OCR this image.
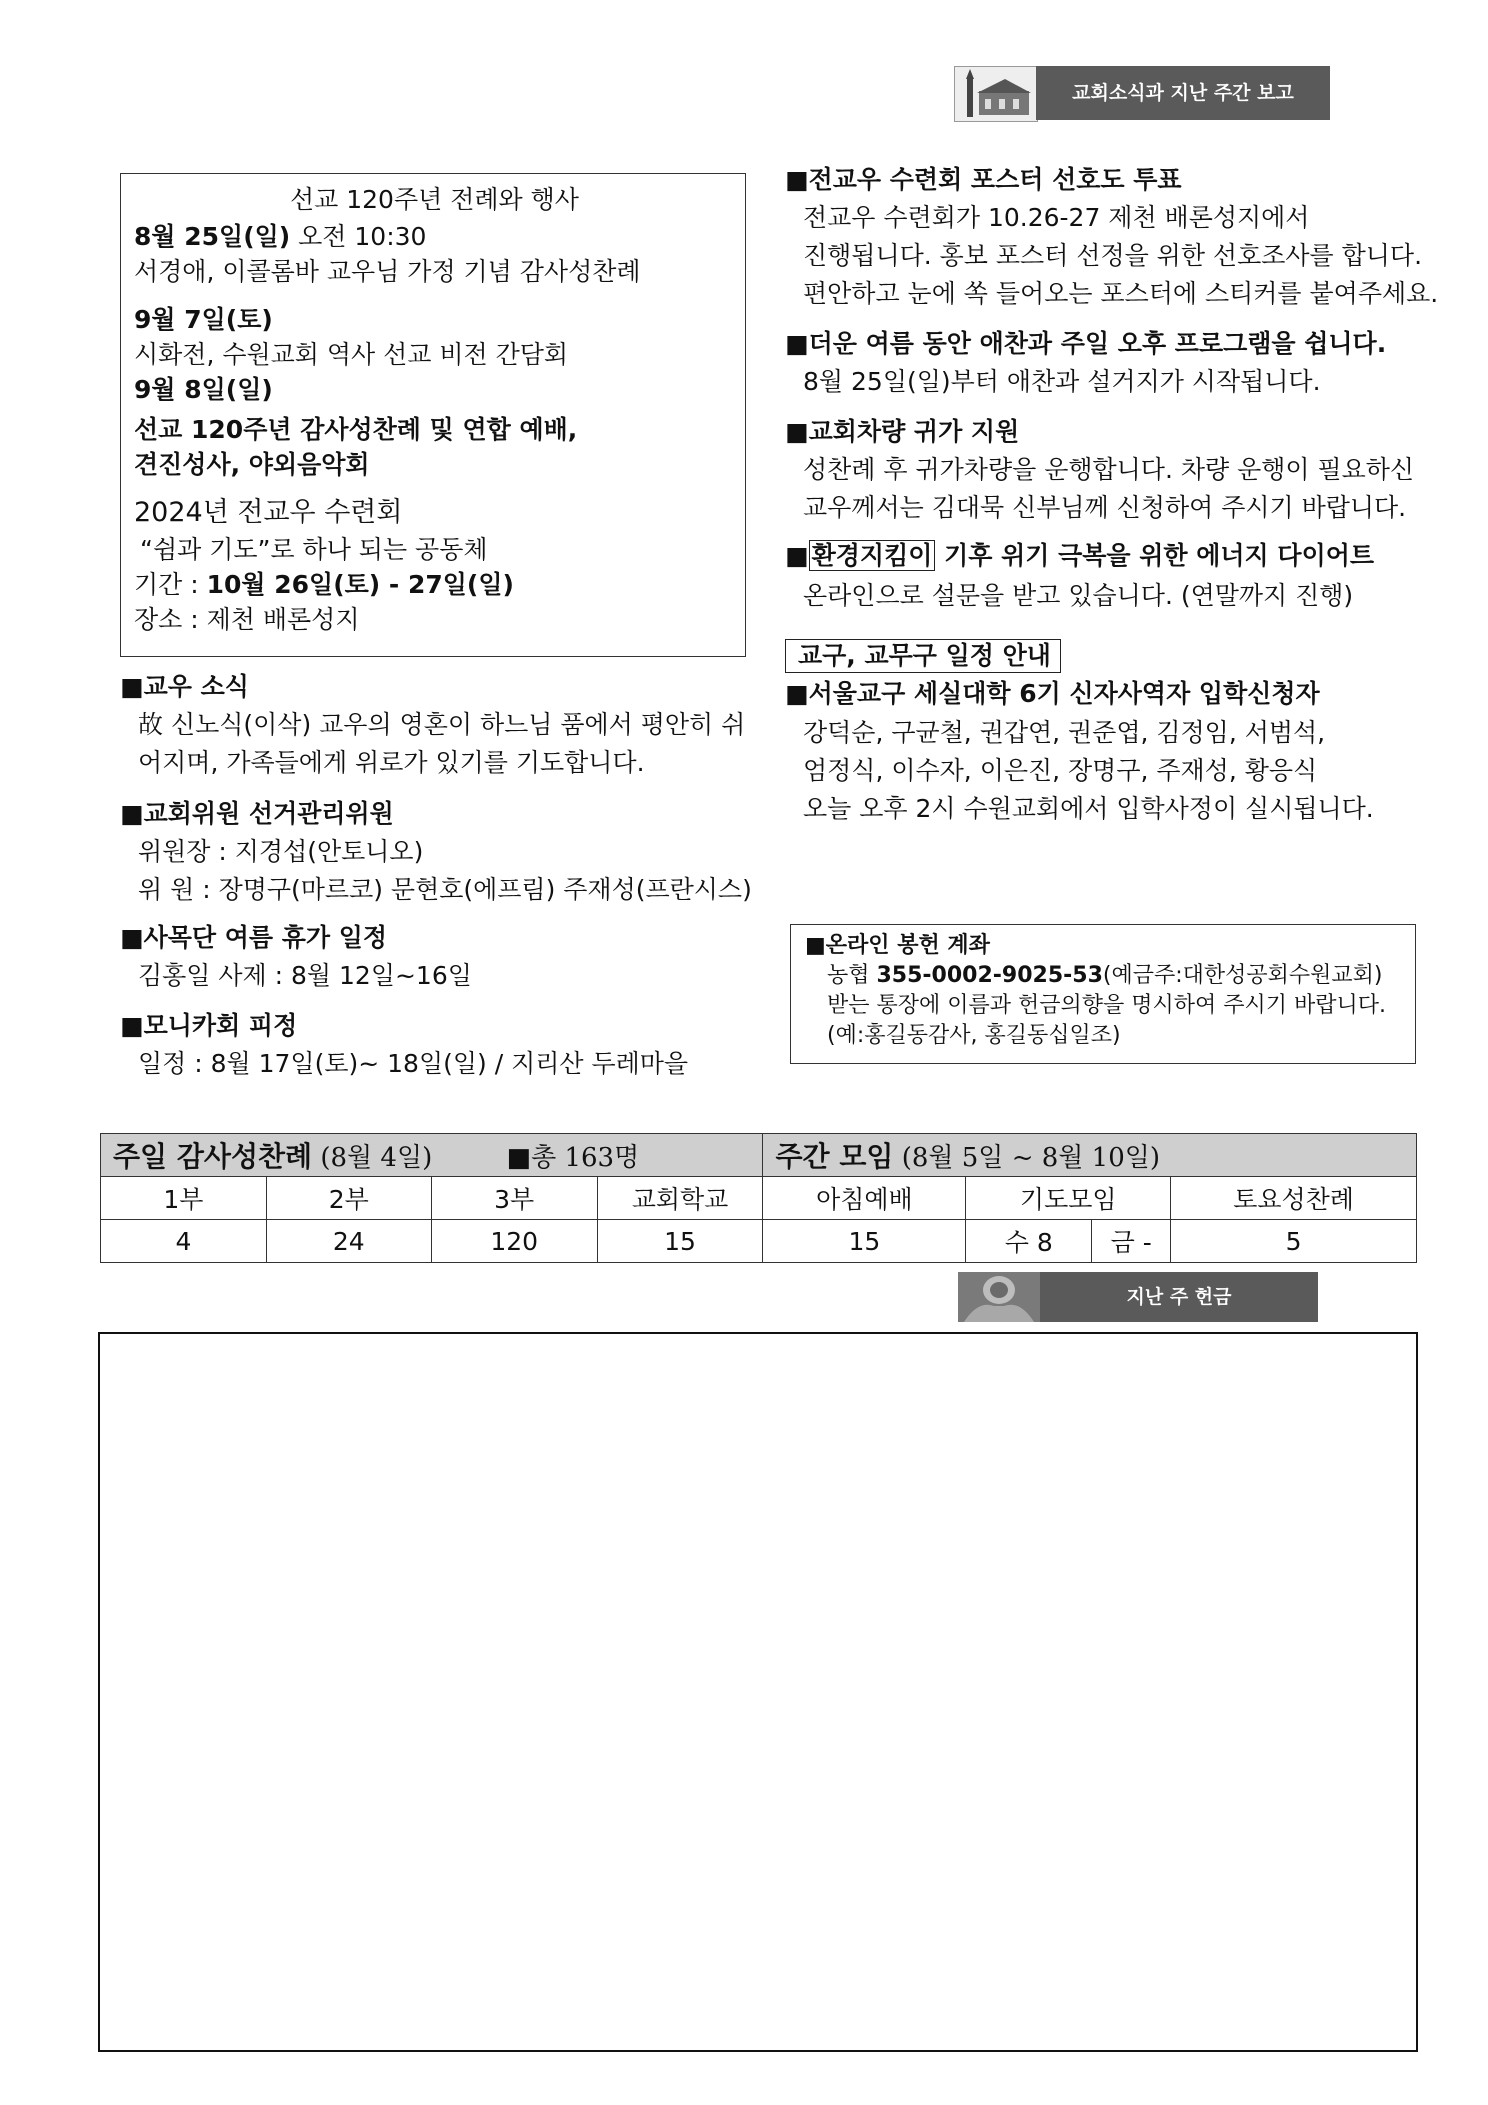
교회소식과 지난 주간 보고
선교 120주년 전례와 행사
8월 25일(일) 오전 10:30
서경애, 이콜롬바 교우님 가정 기념 감사성찬례
9월 7일(토)
시화전, 수원교회 역사 선교 비전 간담회
9월 8일(일)
선교 120주년 감사성찬례 및 연합 예배,
견진성사, 야외음악회
2024년 전교우 수련회
“쉼과 기도”로 하나 되는 공동체
기간 : 10월 26일(토) - 27일(일)
장소 : 제천 배론성지
■교우 소식
故 신노식(이삭) 교우의 영혼이 하느님 품에서 평안히 쉬
어지며, 가족들에게 위로가 있기를 기도합니다.
■교회위원 선거관리위원
위원장 : 지경섭(안토니오)
위 원 : 장명구(마르코) 문현호(에프림) 주재성(프란시스)
■사목단 여름 휴가 일정
김홍일 사제 : 8월 12일~16일
■모니카회 피정
일정 : 8월 17일(토)~ 18일(일) / 지리산 두레마을
■전교우 수련회 포스터 선호도 투표
전교우 수련회가 10.26-27 제천 배론성지에서
진행됩니다. 홍보 포스터 선정을 위한 선호조사를 합니다.
편안하고 눈에 쏙 들어오는 포스터에 스티커를 붙여주세요.
■더운 여름 동안 애찬과 주일 오후 프로그램을 쉽니다.
8월 25일(일)부터 애찬과 설거지가 시작됩니다.
■교회차량 귀가 지원
성찬례 후 귀가차량을 운행합니다. 차량 운행이 필요하신
교우께서는 김대묵 신부님께 신청하여 주시기 바랍니다.
■ 환경지킴이 기후 위기 극복을 위한 에너지 다이어트
온라인으로 설문을 받고 있습니다. (연말까지 진행)
교구, 교무구 일정 안내
■서울교구 세실대학 6기 신자사역자 입학신청자
강덕순, 구균철, 권갑연, 권준엽, 김정임, 서범석,
엄정식, 이수자, 이은진, 장명구, 주재성, 황응식
오늘 오후 2시 수원교회에서 입학사정이 실시됩니다.
■온라인 봉헌 계좌
농협 355-0002-9025-53(예금주:대한성공회수원교회)
받는 통장에 이름과 헌금의향을 명시하여 주시기 바랍니다.
(예:홍길동감사, 홍길동십일조)
주일 감사성찬례 (8월 4일) ■총 163명				주간 모임 (8월 5일 ~ 8월 10일)			
1부	2부	3부	교회학교	아침예배	기도모임		토요성찬례
4	24	120	15	15	수 8	금 -	5
지난 주 헌금
